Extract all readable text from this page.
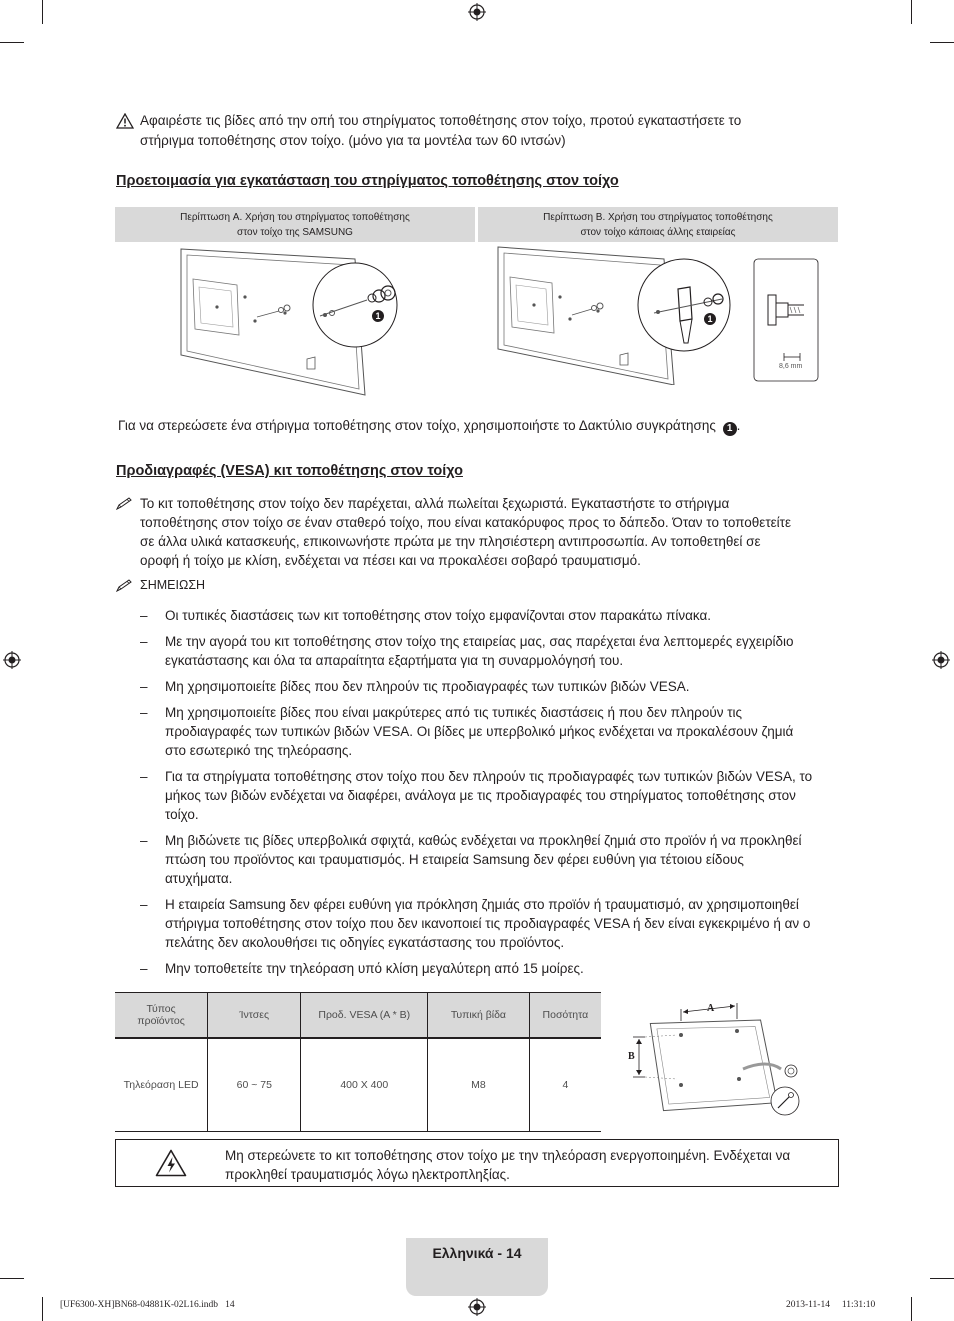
Αφαιρέστε τις βίδες από την οπή του στηρίγματος τοποθέτησης στον τοίχο, προτού εγκαταστήσετε το
στήριγμα τοποθέτησης στον τοίχο. (μόνο για τα μοντέλα των 60 ιντσών)
Προετοιμασία για εγκατάσταση του στηρίγματος τοποθέτησης στον τοίχο
Περίπτωση A. Χρήση του στηρίγματος τοποθέτησης
στον τοίχο της SAMSUNG
Περίπτωση B. Χρήση του στηρίγματος τοποθέτησης
στον τοίχο κάποιας άλλης εταιρείας
1	1
8,6 mm
Για να στερεώσετε ένα στήριγμα τοποθέτησης στον τοίχο, χρησιμοποιήστε το Δακτύλιο συγκράτησης 1 .
Προδιαγραφές (VESA) κιτ τοποθέτησης στον τοίχο
Το κιτ τοποθέτησης στον τοίχο δεν παρέχεται, αλλά πωλείται ξεχωριστά. Εγκαταστήστε το στήριγμα
τοποθέτησης στον τοίχο σε έναν σταθερό τοίχο, που είναι κατακόρυφος προς το δάπεδο. Όταν το τοποθετείτε
σε άλλα υλικά κατασκευής, επικοινωνήστε πρώτα με την πλησιέστερη αντιπροσωπία. Αν τοποθετηθεί σε
οροφή ή τοίχο με κλίση, ενδέχεται να πέσει και να προκαλέσει σοβαρό τραυματισμό.
ΣΗΜΕΙΩΣΗ
– Οι τυπικές διαστάσεις των κιτ τοποθέτησης στον τοίχο εμφανίζονται στον παρακάτω πίνακα.
– Με την αγορά του κιτ τοποθέτησης στον τοίχο της εταιρείας μας, σας παρέχεται ένα λεπτομερές εγχειρίδιο
εγκατάστασης και όλα τα απαραίτητα εξαρτήματα για τη συναρμολόγησή του.
– Μη χρησιμοποιείτε βίδες που δεν πληρούν τις προδιαγραφές των τυπικών βιδών VESA.
– Μη χρησιμοποιείτε βίδες που είναι μακρύτερες από τις τυπικές διαστάσεις ή που δεν πληρούν τις
προδιαγραφές των τυπικών βιδών VESA. Οι βίδες με υπερβολικό μήκος ενδέχεται να προκαλέσουν ζημιά
στο εσωτερικό της τηλεόρασης.
– Για τα στηρίγματα τοποθέτησης στον τοίχο που δεν πληρούν τις προδιαγραφές των τυπικών βιδών VESA, το
μήκος των βιδών ενδέχεται να διαφέρει, ανάλογα με τις προδιαγραφές του στηρίγματος τοποθέτησης στον
τοίχο.
– Μη βιδώνετε τις βίδες υπερβολικά σφιχτά, καθώς ενδέχεται να προκληθεί ζημιά στο προϊόν ή να προκληθεί
πτώση του προϊόντος και τραυματισμός. Η εταιρεία Samsung δεν φέρει ευθύνη για τέτοιου είδους
ατυχήματα.
– Η εταιρεία Samsung δεν φέρει ευθύνη για πρόκληση ζημιάς στο προϊόν ή τραυματισμό, αν χρησιμοποιηθεί
στήριγμα τοποθέτησης στον τοίχο που δεν ικανοποιεί τις προδιαγραφές VESA ή δεν είναι εγκεκριμένο ή αν ο
πελάτης δεν ακολουθήσει τις οδηγίες εγκατάστασης του προϊόντος.
– Μην τοποθετείτε την τηλεόραση υπό κλίση μεγαλύτερη από 15 μοίρες.
Τύπος
προϊόντος	Ίντσες	Προδ. VESA (A * B)	Τυπική βίδα	Ποσότητα
Τηλεόραση LED	60 ~ 75	400 X 400	M8	4
A
B
Μη στερεώνετε το κιτ τοποθέτησης στον τοίχο με την τηλεόραση ενεργοποιημένη. Ενδέχεται να
προκληθεί τραυματισμός λόγω ηλεκτροπληξίας.
Ελληνικά - 14
[UF6300-XH]BN68-04881K-02L16.indb   14	2013-11-14     11:31:10
